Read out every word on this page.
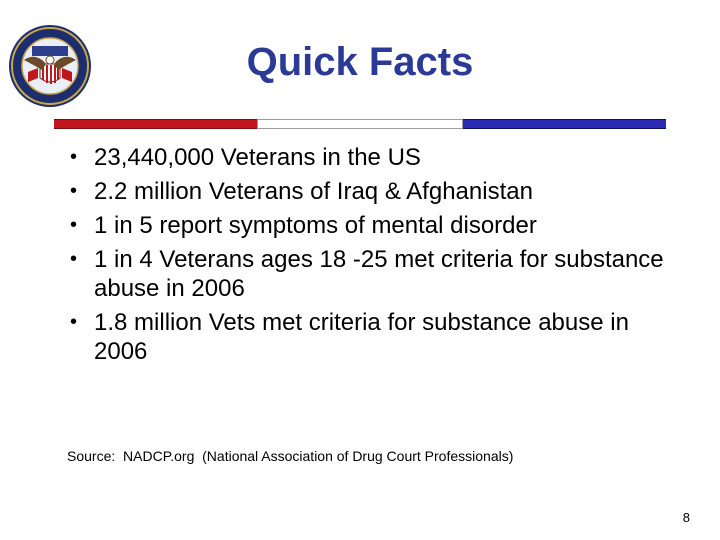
Quick Facts
• 23,440,000 Veterans in the US
• 2.2 million Veterans of Iraq & Afghanistan
• 1 in 5 report symptoms of mental disorder
• 1 in 4 Veterans ages 18 -25 met criteria for substance abuse in 2006
• 1.8 million Vets met criteria for substance abuse in 2006
Source:  NADCP.org  (National Association of Drug Court Professionals)
8
